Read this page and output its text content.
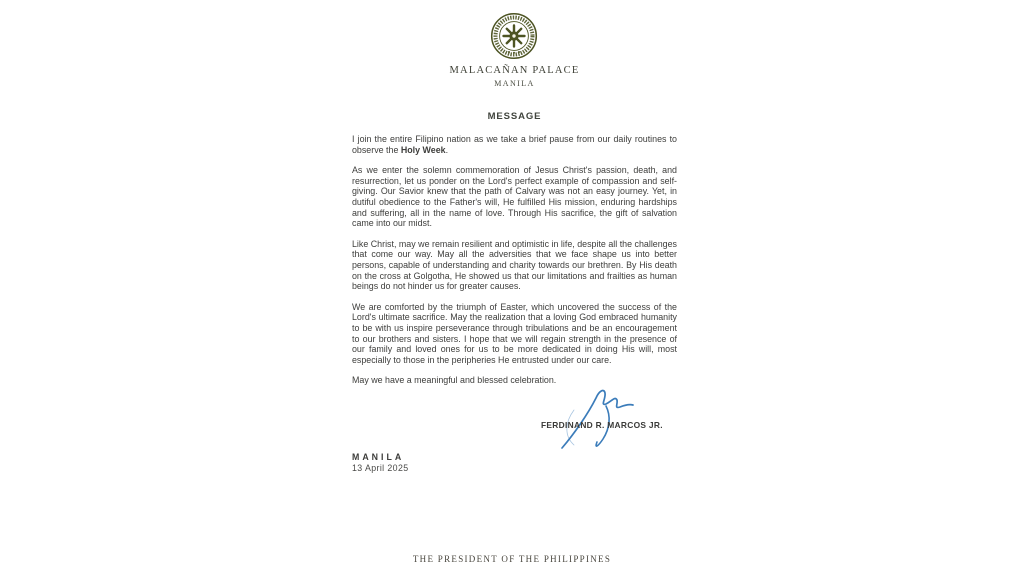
MALACAÑAN PALACE
MANILA
MESSAGE

I join the entire Filipino nation as we take a brief pause from our daily routines to observe the Holy Week.

As we enter the solemn commemoration of Jesus Christ's passion, death, and resurrection, let us ponder on the Lord's perfect example of compassion and self-giving. Our Savior knew that the path of Calvary was not an easy journey. Yet, in dutiful obedience to the Father's will, He fulfilled His mission, enduring hardships and suffering, all in the name of love. Through His sacrifice, the gift of salvation came into our midst.

Like Christ, may we remain resilient and optimistic in life, despite all the challenges that come our way. May all the adversities that we face shape us into better persons, capable of understanding and charity towards our brethren. By His death on the cross at Golgotha, He showed us that our limitations and frailties as human beings do not hinder us for greater causes.

We are comforted by the triumph of Easter, which uncovered the success of the Lord's ultimate sacrifice. May the realization that a loving God embraced humanity to be with us inspire perseverance through tribulations and be an encouragement to our brothers and sisters. I hope that we will regain strength in the presence of our family and loved ones for us to be more dedicated in doing His will, most especially to those in the peripheries He entrusted under our care.

May we have a meaningful and blessed celebration.

FERDINAND R. MARCOS JR.
MANILA
13 April 2025
THE PRESIDENT OF THE PHILIPPINES
